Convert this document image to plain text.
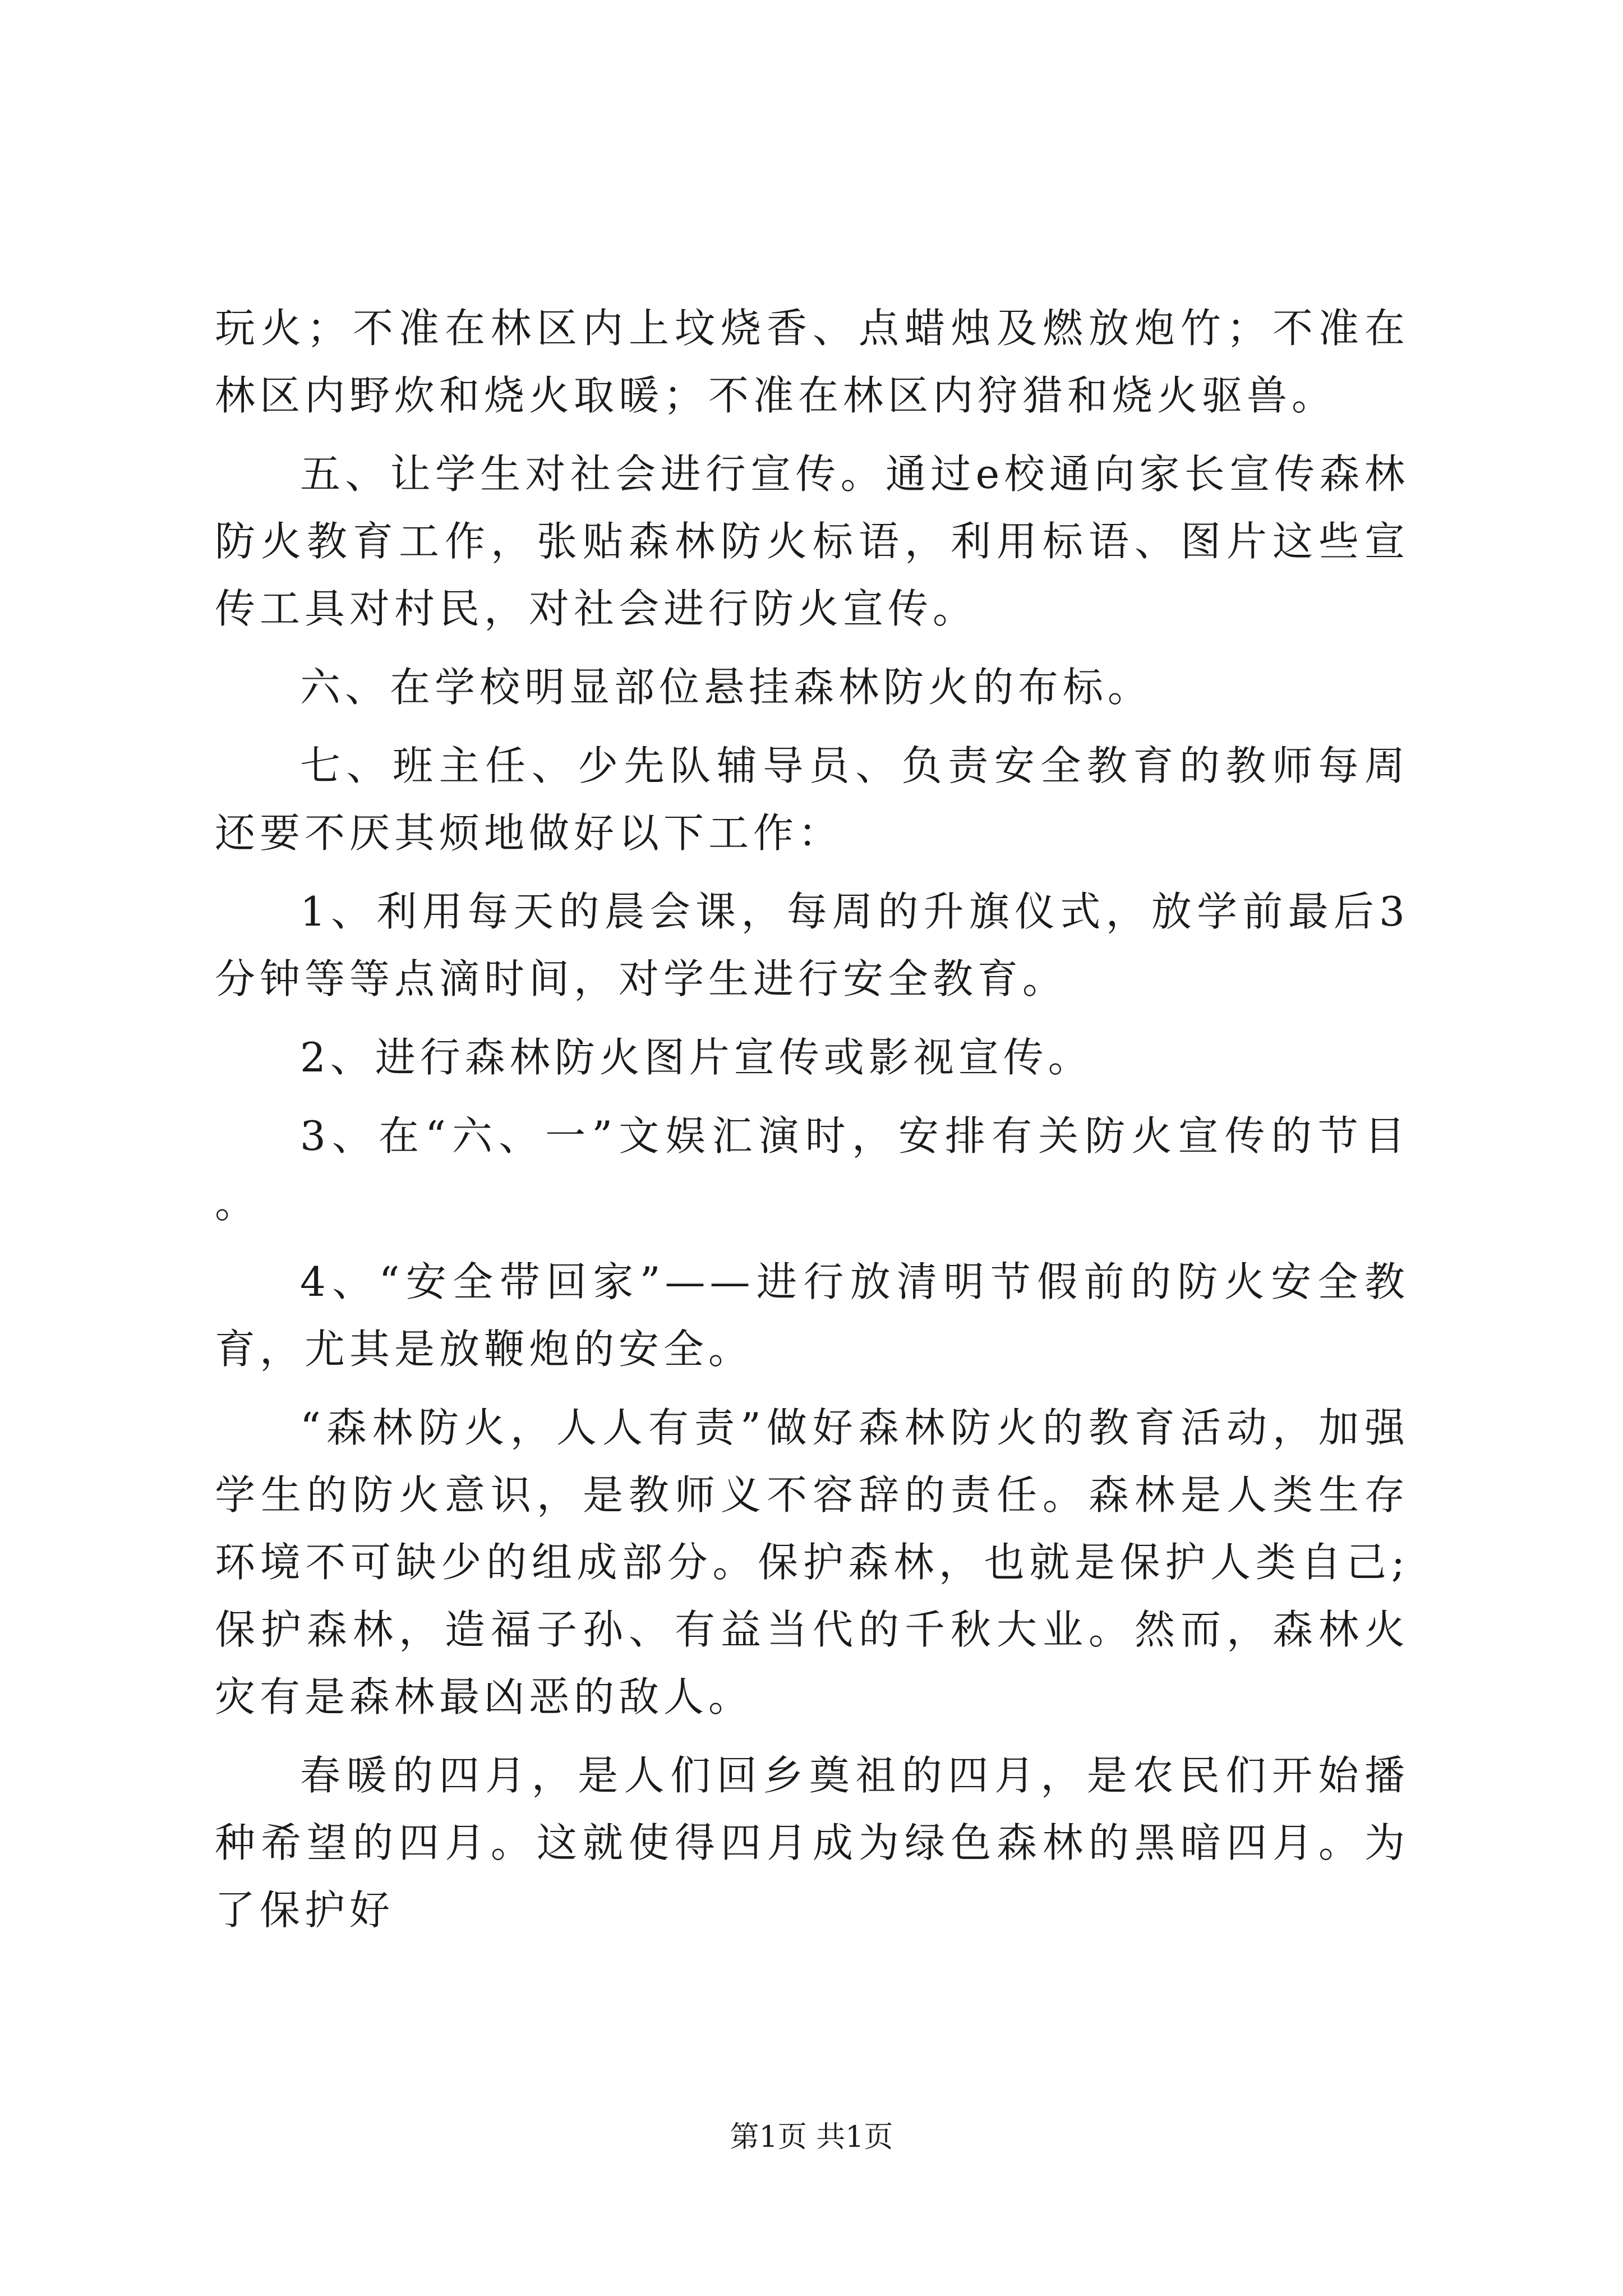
玩火；不准在林区内上坟烧香、点蜡烛及燃放炮竹；不准在林区内野炊和烧火取暖；不准在林区内狩猎和烧火驱兽。

五、让学生对社会进行宣传。通过e校通向家长宣传森林防火教育工作，张贴森林防火标语，利用标语、图片这些宣传工具对村民，对社会进行防火宣传。

六、在学校明显部位悬挂森林防火的布标。

七、班主任、少先队辅导员、负责安全教育的教师每周还要不厌其烦地做好以下工作：

1、利用每天的晨会课，每周的升旗仪式，放学前最后3分钟等等点滴时间，对学生进行安全教育。

2、进行森林防火图片宣传或影视宣传。

3、在“六、一”文娱汇演时，安排有关防火宣传的节目。

4、“安全带回家”——进行放清明节假前的防火安全教育，尤其是放鞭炮的安全。

“森林防火，人人有责”做好森林防火的教育活动，加强学生的防火意识，是教师义不容辞的责任。森林是人类生存环境不可缺少的组成部分。保护森林，也就是保护人类自己;保护森林，造福子孙、有益当代的千秋大业。然而，森林火灾有是森林最凶恶的敌人。

春暖的四月，是人们回乡奠祖的四月，是农民们开始播种希望的四月。这就使得四月成为绿色森林的黑暗四月。为了保护好

第1页 共1页
